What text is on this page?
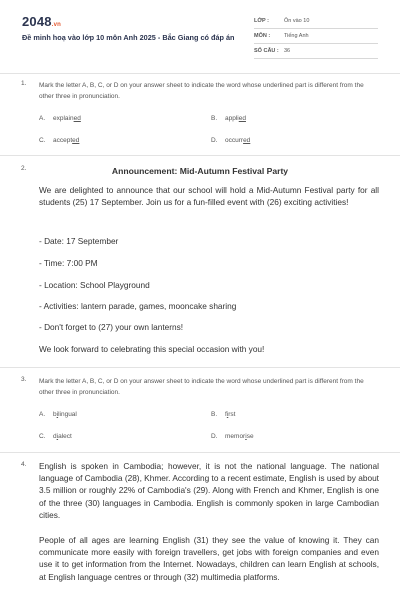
2048.vn
Đề minh hoạ vào lớp 10 môn Anh 2025 - Bắc Giang có đáp án
LỚP :	Ôn vào 10
MÔN :	Tiếng Anh
SỐ CÂU : 36
1. Mark the letter A, B, C, or D on your answer sheet to indicate the word whose underlined part is different from the other three in pronunciation.
A. explained	B. applied
C. accepted	D. occurred
2.	Announcement: Mid-Autumn Festival Party
We are delighted to announce that our school will hold a Mid-Autumn Festival party for all students (25) 17 September. Join us for a fun-filled event with (26) exciting activities!
- Date: 17 September
- Time: 7:00 PM
- Location: School Playground
- Activities: lantern parade, games, mooncake sharing
- Don't forget to (27) your own lanterns!
We look forward to celebrating this special occasion with you!
3. Mark the letter A, B, C, or D on your answer sheet to indicate the word whose underlined part is different from the other three in pronunciation.
A. bilingual	B. first
C. dialect	D. memorise
4. English is spoken in Cambodia; however, it is not the national language. The national language of Cambodia (28), Khmer. According to a recent estimate, English is used by about 3.5 million or roughly 22% of Cambodia's (29). Along with French and Khmer, English is one of the three (30) languages in Cambodia. English is commonly spoken in large Cambodian cities.
People of all ages are learning English (31) they see the value of knowing it. They can communicate more easily with foreign travellers, get jobs with foreign companies and even use it to get information from the Internet. Nowadays, children can learn English at schools, at English language centres or through (32) multimedia platforms.
